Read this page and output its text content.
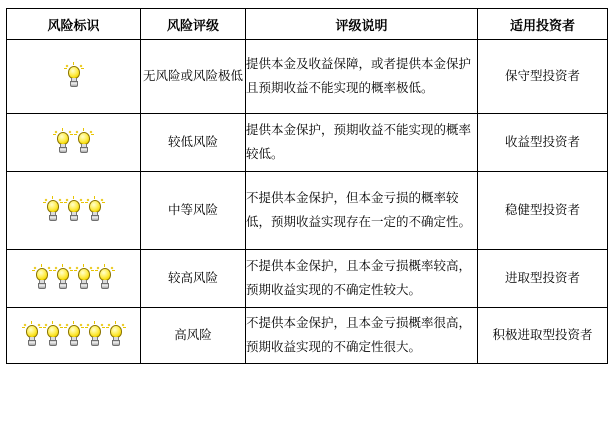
风险标识	风险评级	评级说明	适用投资者

	无风险或风险极低	提供本金及收益保障，或者提供本金保护且预期收益不能实现的概率极低。	保守型投资者

	较低风险	提供本金保护，预期收益不能实现的概率较低。	收益型投资者

	中等风险	不提供本金保护，但本金亏损的概率较低，预期收益实现存在一定的不确定性。	稳健型投资者

	较高风险	不提供本金保护，且本金亏损概率较高，预期收益实现的不确定性较大。	进取型投资者

	高风险	不提供本金保护，且本金亏损概率很高，预期收益实现的不确定性很大。	积极进取型投资者
